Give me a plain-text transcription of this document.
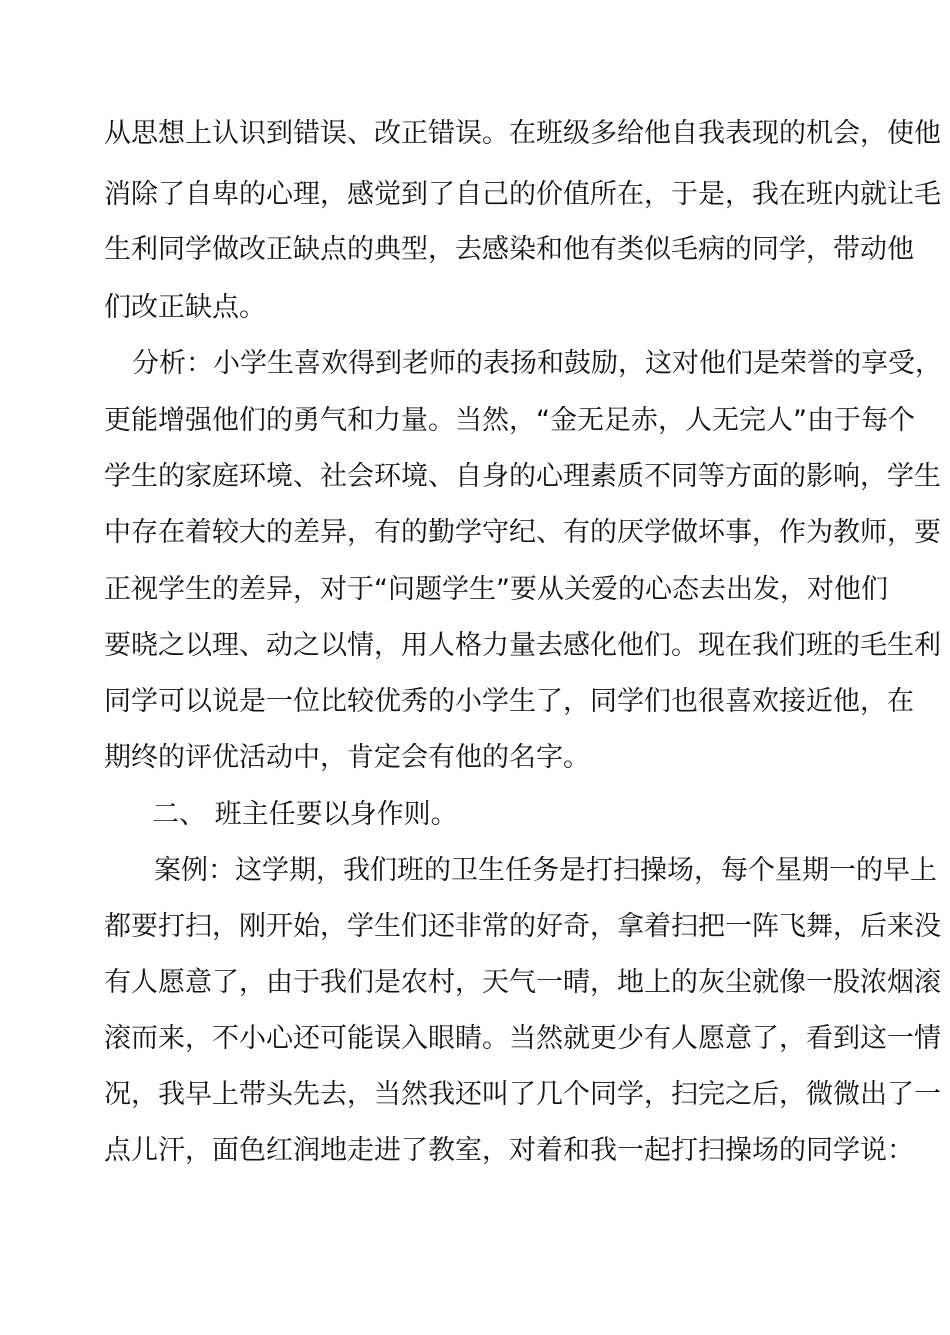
从 思 想 上 认 识 到 错 误 、 改 正 错 误 。 在 班 级 多 给 他 自 我 表 现 的 机 会 ， 使 他
消 除 了 自 卑 的 心 理 ， 感 觉 到 了 自 己 的 价 值 所 在 ， 于 是 ， 我 在 班 内 就 让 毛
生 利 同 学 做 改 正 缺 点 的 典 型 ， 去 感 染 和 他 有 类 似 毛 病 的 同 学 ， 带 动 他
们改正缺点。
分 析 ： 小 学 生 喜 欢 得 到 老 师 的 表 扬 和 鼓 励 ， 这 对 他 们 是 荣 誉 的 享 受 ，
更 能 增 强 他 们 的 勇 气 和 力 量 。 当 然 ， “ 金 无 足 赤 ， 人 无 完 人 ” 由 于 每 个
学 生 的 家 庭 环 境 、 社 会 环 境 、 自 身 的 心 理 素 质 不 同 等 方 面 的 影 响 ， 学 生
中 存 在 着 较 大 的 差 异 ， 有 的 勤 学 守 纪 、 有 的 厌 学 做 坏 事 ， 作 为 教 师 ， 要
正 视 学 生 的 差 异 ， 对 于 “ 问 题 学 生 ” 要 从 关 爱 的 心 态 去 出 发 ， 对 他 们
要 晓 之 以 理 、 动 之 以 情 ， 用 人 格 力 量 去 感 化 他 们 。 现 在 我 们 班 的 毛 生 利
同 学 可 以 说 是 一 位 比 较 优 秀 的 小 学 生 了 ， 同 学 们 也 很 喜 欢 接 近 他 ， 在
期终的评优活动中，肯定会有他的名字。
二、 班主任要以身作则。
案 例 ： 这 学 期 ， 我 们 班 的 卫 生 任 务 是 打 扫 操 场 ， 每 个 星 期 一 的 早 上
都 要 打 扫 ， 刚 开 始 ， 学 生 们 还 非 常 的 好 奇 ， 拿 着 扫 把 一 阵 飞 舞 ， 后 来 没
有 人 愿 意 了 ， 由 于 我 们 是 农 村 ， 天 气 一 晴 ， 地 上 的 灰 尘 就 像 一 股 浓 烟 滚
滚 而 来 ， 不 小 心 还 可 能 误 入 眼 睛 。 当 然 就 更 少 有 人 愿 意 了 ， 看 到 这 一 情
况 ， 我 早 上 带 头 先 去 ， 当 然 我 还 叫 了 几 个 同 学 ， 扫 完 之 后 ， 微 微 出 了 一
点 儿 汗 ， 面 色 红 润 地 走 进 了 教 室 ， 对 着 和 我 一 起 打 扫 操 场 的 同 学 说 ：
